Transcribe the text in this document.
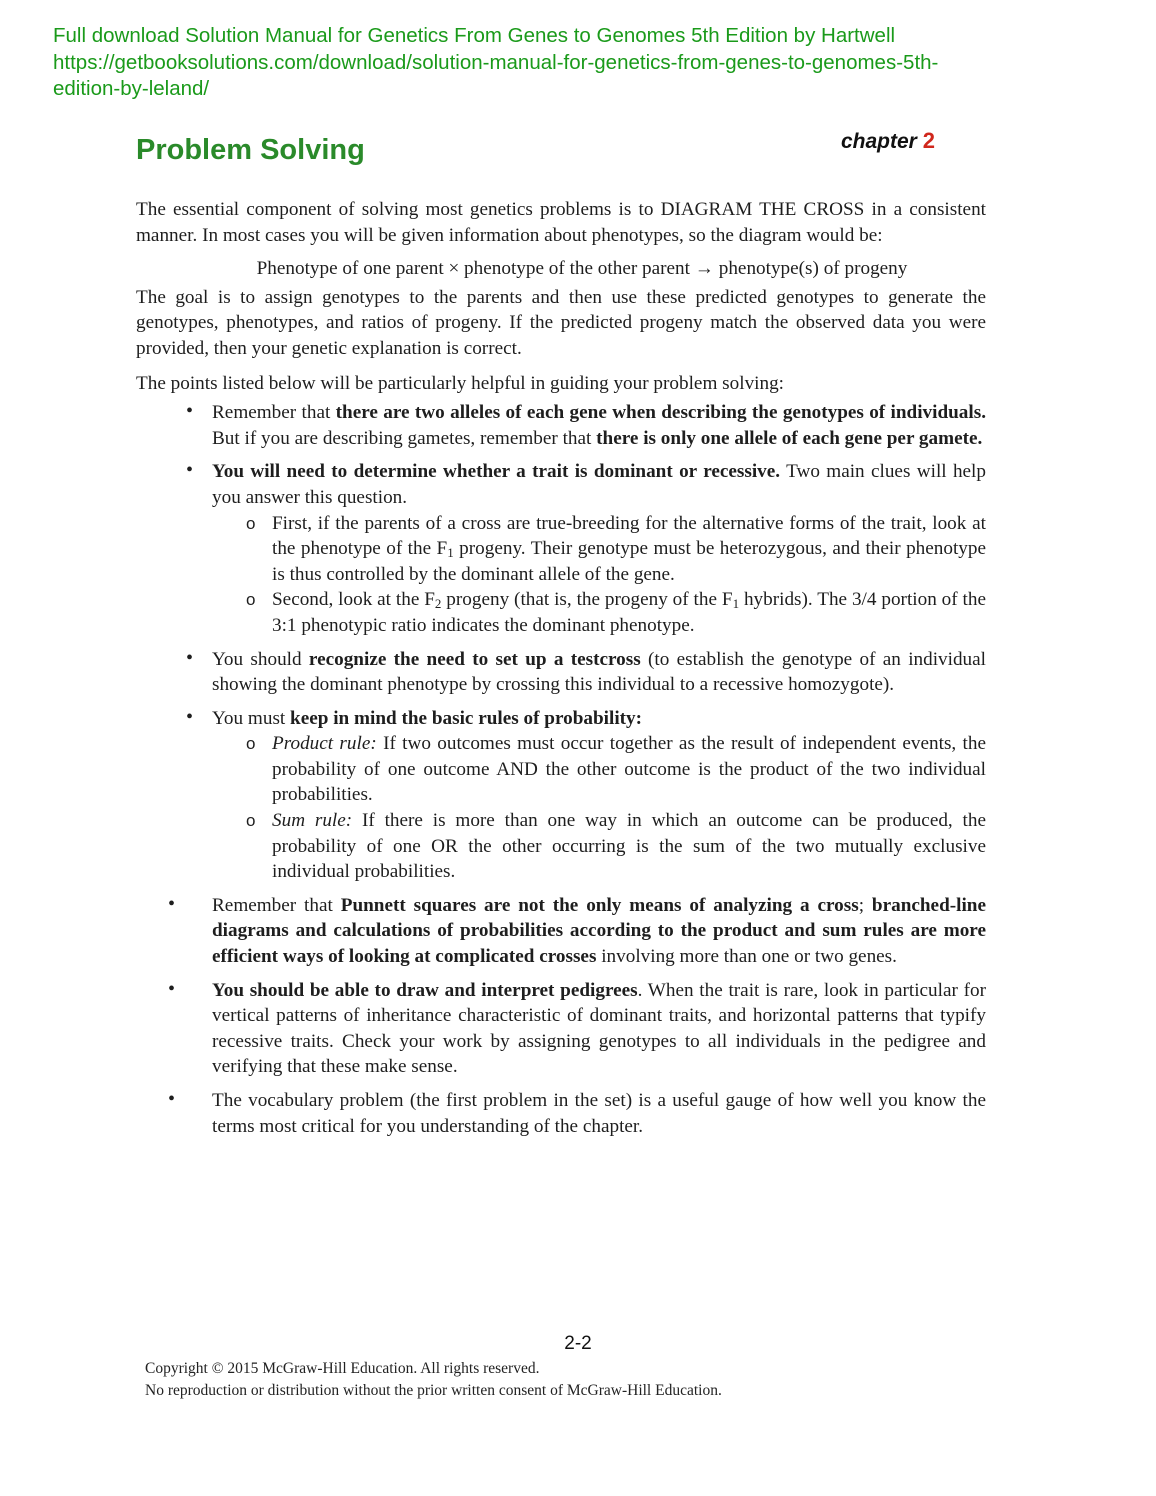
Full download Solution Manual for Genetics From Genes to Genomes 5th Edition by Hartwell
https://getbooksolutions.com/download/solution-manual-for-genetics-from-genes-to-genomes-5th-
edition-by-leland/
Problem Solving	chapter 2

The essential component of solving most genetics problems is to DIAGRAM THE CROSS in a consistent manner. In most cases you will be given information about phenotypes, so the diagram would be:

Phenotype of one parent × phenotype of the other parent → phenotype(s) of progeny

The goal is to assign genotypes to the parents and then use these predicted genotypes to generate the genotypes, phenotypes, and ratios of progeny. If the predicted progeny match the observed data you were provided, then your genetic explanation is correct.

The points listed below will be particularly helpful in guiding your problem solving:

• Remember that there are two alleles of each gene when describing the genotypes of individuals. But if you are describing gametes, remember that there is only one allele of each gene per gamete.
• You will need to determine whether a trait is dominant or recessive. Two main clues will help you answer this question.
o First, if the parents of a cross are true-breeding for the alternative forms of the trait, look at the phenotype of the $F_1$ progeny. Their genotype must be heterozygous, and their phenotype is thus controlled by the dominant allele of the gene.
o Second, look at the $F_2$ progeny (that is, the progeny of the $F_1$ hybrids). The 3/4 portion of the 3:1 phenotypic ratio indicates the dominant phenotype.
• You should recognize the need to set up a testcross (to establish the genotype of an individual showing the dominant phenotype by crossing this individual to a recessive homozygote).
• You must keep in mind the basic rules of probability:
o Product rule: If two outcomes must occur together as the result of independent events, the probability of one outcome AND the other outcome is the product of the two individual probabilities.
o Sum rule: If there is more than one way in which an outcome can be produced, the probability of one OR the other occurring is the sum of the two mutually exclusive individual probabilities.
• Remember that Punnett squares are not the only means of analyzing a cross; branched-line diagrams and calculations of probabilities according to the product and sum rules are more efficient ways of looking at complicated crosses involving more than one or two genes.
• You should be able to draw and interpret pedigrees. When the trait is rare, look in particular for vertical patterns of inheritance characteristic of dominant traits, and horizontal patterns that typify recessive traits. Check your work by assigning genotypes to all individuals in the pedigree and verifying that these make sense.
• The vocabulary problem (the first problem in the set) is a useful gauge of how well you know the terms most critical for you understanding of the chapter.
2-2
Copyright © 2015 McGraw-Hill Education. All rights reserved.
No reproduction or distribution without the prior written consent of McGraw-Hill Education.
